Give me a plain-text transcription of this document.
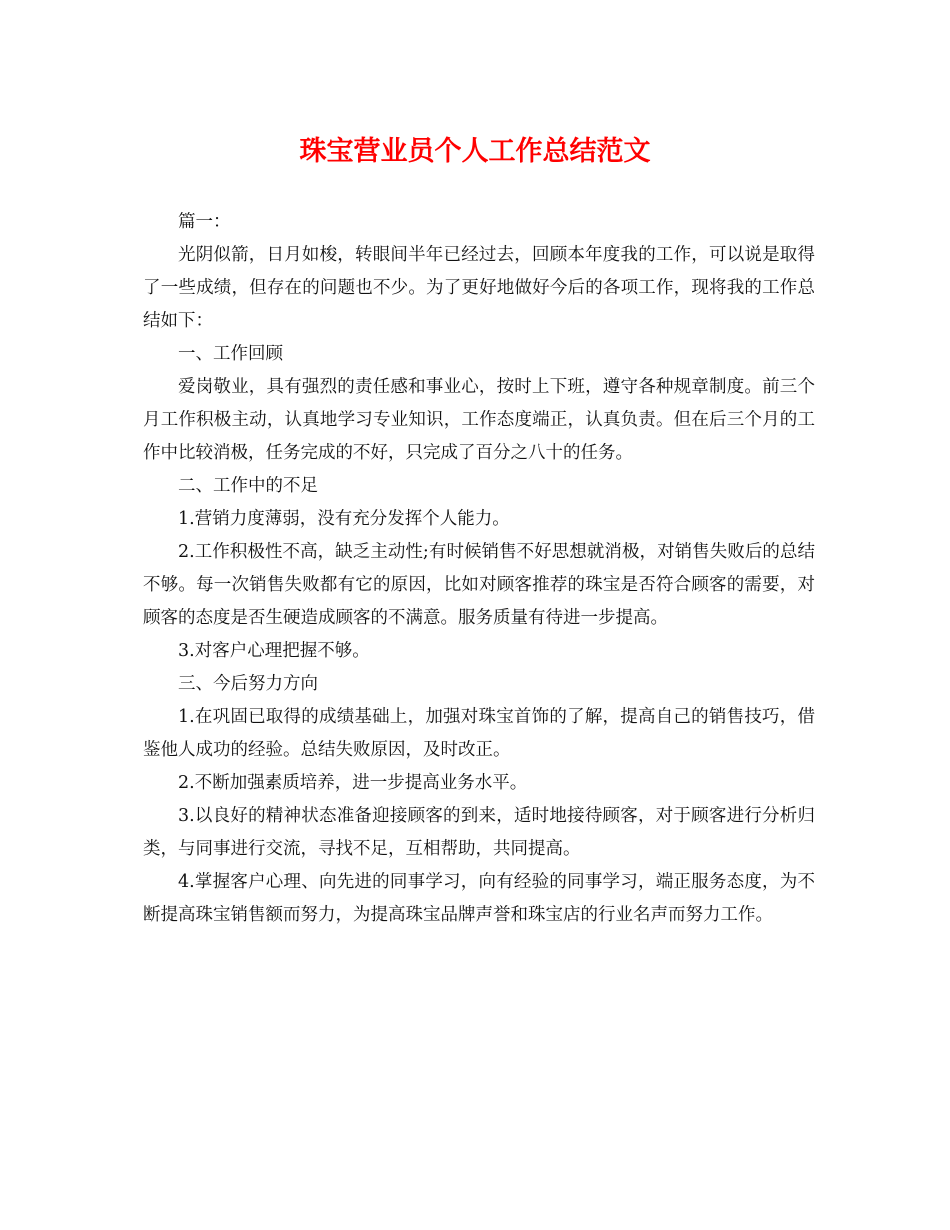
珠宝营业员个人工作总结范文

篇一：

光阴似箭，日月如梭，转眼间半年已经过去，回顾本年度我的工作，可以说是取得了一些成绩，但存在的问题也不少。为了更好地做好今后的各项工作，现将我的工作总结如下：

一、工作回顾

爱岗敬业，具有强烈的责任感和事业心，按时上下班，遵守各种规章制度。前三个月工作积极主动，认真地学习专业知识，工作态度端正，认真负责。但在后三个月的工作中比较消极，任务完成的不好，只完成了百分之八十的任务。

二、工作中的不足

1.营销力度薄弱，没有充分发挥个人能力。

2.工作积极性不高，缺乏主动性;有时候销售不好思想就消极，对销售失败后的总结不够。每一次销售失败都有它的原因，比如对顾客推荐的珠宝是否符合顾客的需要，对顾客的态度是否生硬造成顾客的不满意。服务质量有待进一步提高。

3.对客户心理把握不够。

三、今后努力方向

1.在巩固已取得的成绩基础上，加强对珠宝首饰的了解，提高自己的销售技巧，借鉴他人成功的经验。总结失败原因，及时改正。

2.不断加强素质培养，进一步提高业务水平。

3.以良好的精神状态准备迎接顾客的到来，适时地接待顾客，对于顾客进行分析归类，与同事进行交流，寻找不足，互相帮助，共同提高。

4.掌握客户心理、向先进的同事学习，向有经验的同事学习，端正服务态度，为不断提高珠宝销售额而努力，为提高珠宝品牌声誉和珠宝店的行业名声而努力工作。
